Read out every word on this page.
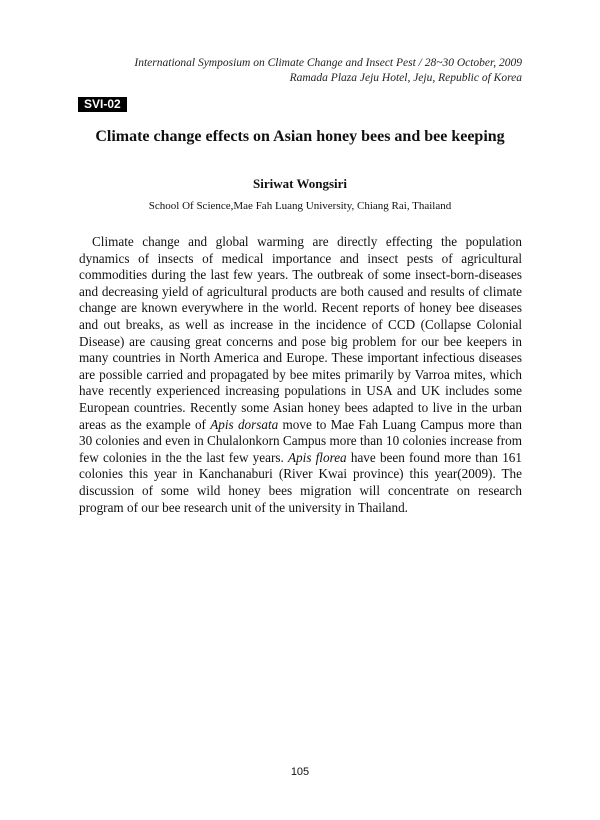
International Symposium on Climate Change and Insect Pest / 28~30 October, 2009
Ramada Plaza Jeju Hotel, Jeju, Republic of Korea
SVI-02
Climate change effects on Asian honey bees and bee keeping
Siriwat Wongsiri
School Of Science,Mae Fah Luang University, Chiang Rai, Thailand

Climate change and global warming are directly effecting the population dynamics of insects of medical importance and insect pests of agricultural commodities during the last few years. The outbreak of some insect-born-diseases and decreasing yield of agricultural products are both caused and results of climate change are known everywhere in the world. Recent reports of honey bee diseases and out breaks, as well as increase in the incidence of CCD (Collapse Colonial Disease) are causing great concerns and pose big problem for our bee keepers in many countries in North America and Europe. These important infectious diseases are possible carried and propagated by bee mites primarily by Varroa mites, which have recently experienced increasing populations in USA and UK includes some European countries. Recently some Asian honey bees adapted to live in the urban areas as the example of Apis dorsata move to Mae Fah Luang Campus more than 30 colonies and even in Chulalonkorn Campus more than 10 colonies increase from few colonies in the the last few years. Apis florea have been found more than 161 colonies this year in Kanchanaburi (River Kwai province) this year(2009). The discussion of some wild honey bees migration will concentrate on research program of our bee research unit of the university in Thailand.

105
